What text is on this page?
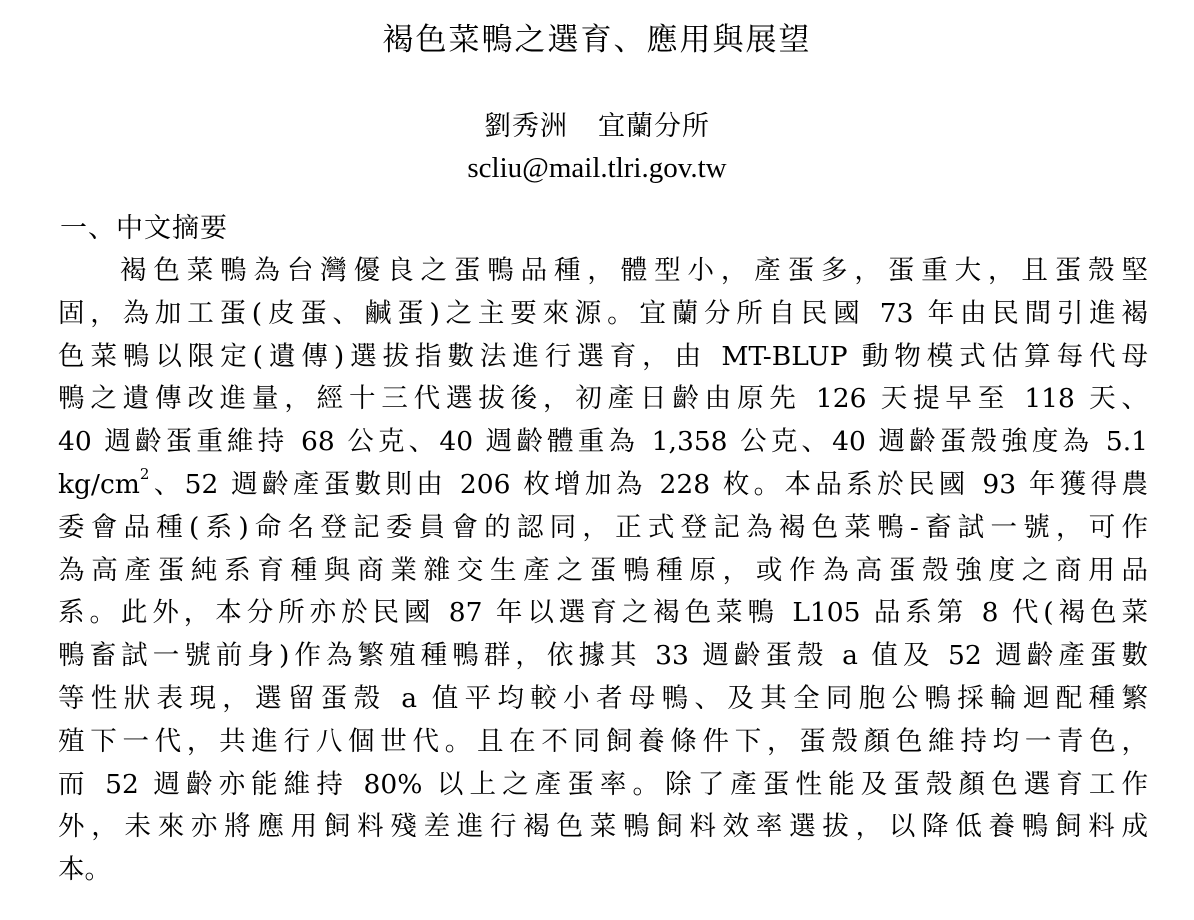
褐色菜鴨之選育、應用與展望
劉秀洲 宜蘭分所
scliu@mail.tlri.gov.tw
一、中文摘要
褐色菜鴨為台灣優良之蛋鴨品種，體型小，產蛋多，蛋重大，且蛋殼堅
固，為加工蛋(皮蛋、鹹蛋)之主要來源。宜蘭分所自民國 73 年由民間引進褐
色菜鴨以限定(遺傳)選拔指數法進行選育，由 MT-BLUP 動物模式估算每代母
鴨之遺傳改進量，經十三代選拔後，初產日齡由原先 126 天提早至 118 天、
40 週齡蛋重維持 68 公克、40 週齡體重為 1,358 公克、40 週齡蛋殼強度為 5.1
$kg/cm^2$、52 週齡產蛋數則由 206 枚增加為 228 枚。本品系於民國 93 年獲得農
委會品種(系)命名登記委員會的認同，正式登記為褐色菜鴨-畜試一號，可作
為高產蛋純系育種與商業雜交生產之蛋鴨種原，或作為高蛋殼強度之商用品
系。此外，本分所亦於民國 87 年以選育之褐色菜鴨 L105 品系第 8 代(褐色菜
鴨畜試一號前身)作為繁殖種鴨群，依據其 33 週齡蛋殼 a 值及 52 週齡產蛋數
等性狀表現，選留蛋殼 a 值平均較小者母鴨、及其全同胞公鴨採輪迴配種繁
殖下一代，共進行八個世代。且在不同飼養條件下，蛋殼顏色維持均一青色，
而 52 週齡亦能維持 80% 以上之產蛋率。除了產蛋性能及蛋殼顏色選育工作
外，未來亦將應用飼料殘差進行褐色菜鴨飼料效率選拔，以降低養鴨飼料成
本。
